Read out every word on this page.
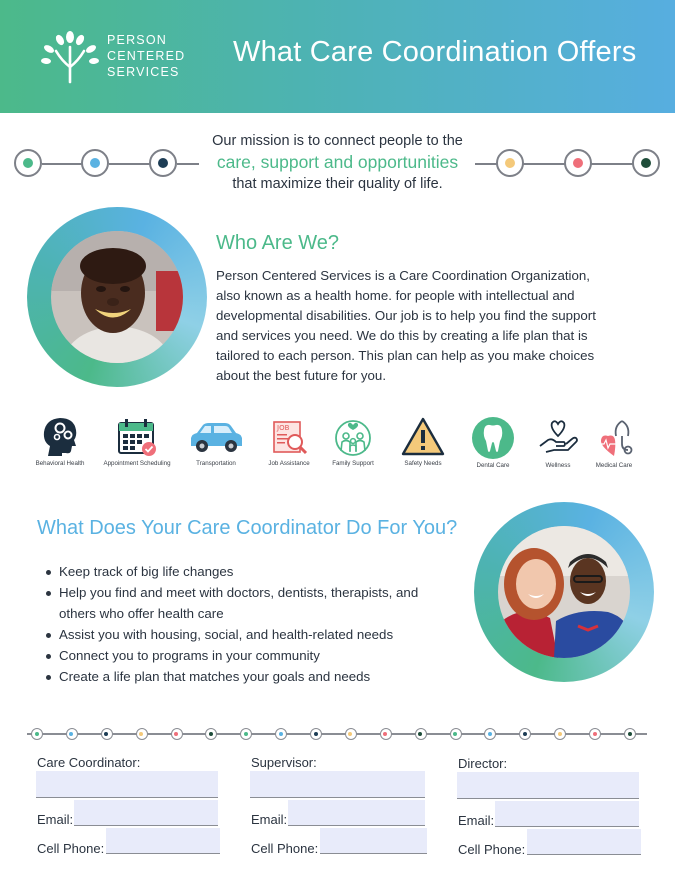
PERSON
CENTERED
SERVICES
What Care Coordination Offers
Our mission is to connect people to the
care, support and opportunities
that maximize their quality of life.
Who Are We?
Person Centered Services is a Care Coordination Organization,
also known as a health home. for people with intellectual and
developmental disabilities. Our job is to help you find the support
and services you need. We do this by creating a life plan that is
tailored to each person. This plan can help as you make choices
about the best future for you.
Behavioral Health	Appointment Scheduling	Transportation
JOB
Job Assistance	Family Support	Safety Needs	Dental Care	Wellness	Medical Care
What Does Your Care Coordinator Do For You?
Keep track of big life changes
Help you find and meet with doctors, dentists, therapists, and
others who offer health care
Assist you with housing, social, and health-related needs
Connect you to programs in your community
Create a life plan that matches your goals and needs
Care Coordinator:
Email:
Cell Phone:
Supervisor:
Email:
Cell Phone:
Director:
Email:
Cell Phone:
